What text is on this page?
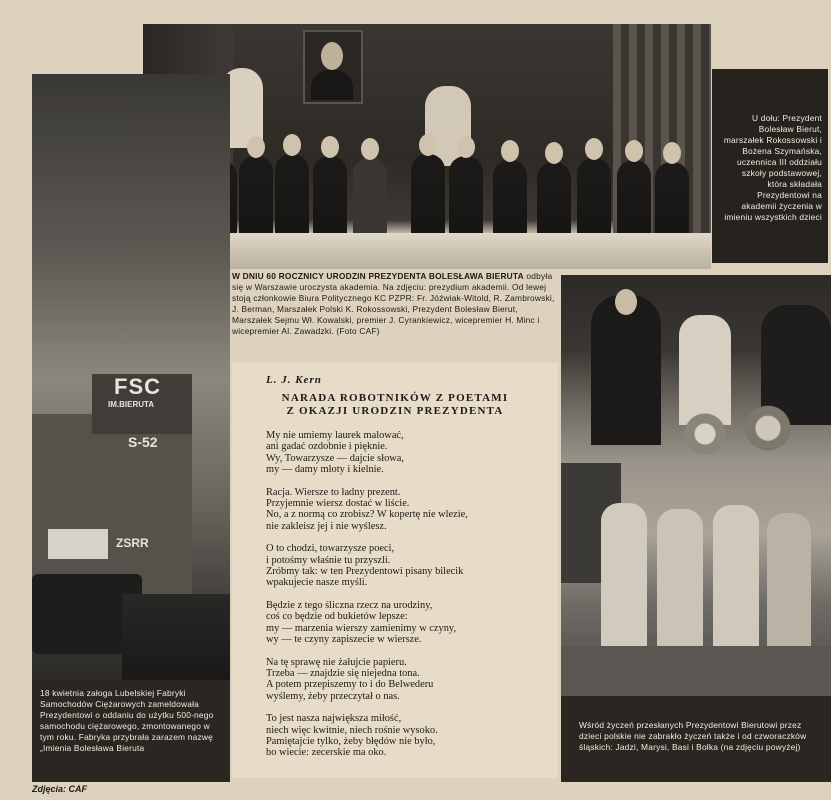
W DNIU 60 ROCZNICY URODZIN PREZYDENTA BOLESŁAWA BIERUTA odbyła się w Warszawie uroczysta akademia. Na zdjęciu: prezydium akademii. Od lewej stoją członkowie Biura Politycznego KC PZPR: Fr. Jóźwiak-Witold, R. Zambrowski, J. Berman, Marszałek Polski K. Rokossowski, Prezydent Bolesław Bierut, Marszałek Sejmu Wł. Kowalski, premier J. Cyrankiewicz, wicepremier H. Minc i wicepremier Al. Zawadzki. (Foto CAF)
U dołu: Prezydent Bolesław Bierut, marszałek Rokossowski i Bożena Szymańska, uczennica III oddziału szkoły podstawowej, która składała Prezydentowi na akademii życzenia w imieniu wszystkich dzieci
FSC
IM.BIERUTA
S-52
ZSRR
18 kwietnia załoga Lubelskiej Fabryki Samochodów Ciężarowych zameldowała Prezydentowi o oddaniu do użytku 500-nego samochodu ciężarowego, zmontowanego w tym roku. Fabryka przybrała zarazem nazwę „Imienia Bolesława Bieruta
Wśród życzeń przesłanych Prezydentowi Bierutowi przez dzieci polskie nie zabrakło życzeń także i od czworaczków śląskich: Jadzi, Marysi, Basi i Bolka (na zdjęciu powyżej)
L. J. Kern
NARADA ROBOTNIKÓW Z POETAMI
Z OKAZJI URODZIN PREZYDENTA
My nie umiemy laurek malować,
ani gadać ozdobnie i pięknie.
Wy, Towarzysze — dajcie słowa,
my — damy młoty i kielnie.
Racja. Wiersze to ładny prezent.
Przyjemnie wiersz dostać w liście.
No, a z normą co zrobisz? W kopertę nie wlezie,
nie zakleisz jej i nie wyślesz.
O to chodzi, towarzysze poeci,
i potośmy właśnie tu przyszli.
Zróbmy tak: w ten Prezydentowi pisany bilecik
wpakujecie nasze myśli.
Będzie z tego śliczna rzecz na urodziny,
coś co będzie od bukietów lepsze:
my — marzenia wierszy zamienimy w czyny,
wy — te czyny zapiszecie w wiersze.
Na tę sprawę nie żałujcie papieru.
Trzeba — znajdzie się niejedna tona.
A potem przepiszemy to i do Belwederu
wyślemy, żeby przeczytał o nas.
To jest nasza największa miłość,
niech więc kwitnie, niech rośnie wysoko.
Pamiętajcie tylko, żeby błędów nie było,
bo wiecie: zecerskie ma oko.
Zdjęcia: CAF
